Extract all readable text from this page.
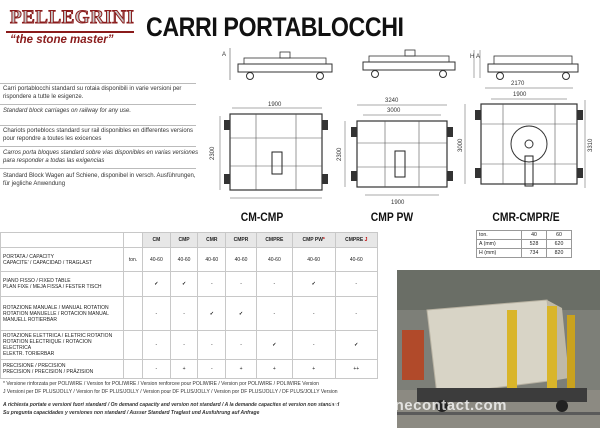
PELLEGRINI
“the stone master” CARRI PORTABLOCCHI
Carri portablocchi standard su rotaia disponibili in varie versioni per rispondere a tutte le esigenze.
Standard block carriages on railway for any use.
Chariots porteblocs standard sur rail disponibles en differentes versions pour repondre a toutes les exicences
Carros porta bloques standard sobre vias disponibles en varias versiones para responder a todas las exigencias
Standard Block Wagen auf Schiene, disponibel in versch. Ausführungen, für jegliche Anwendung
A
1900
2300
CM-CMP
3240
3000
2300
1900
CMP PW
H A
2170
1900
3000	3310
CMR-CMPR/E
ton.	40	60
A (mm)	528	620
H (mm)	734	820
		CM	CMP	CMR	CMPR	CMPRE	CMP PW*	CMPRE J
PORTATA / CAPACITY
CAPACITE’ / CAPACIDAD / TRAGLAST	ton.	40-60	40-60	40-60	40-60	40-60	40-60	40-60
PIANO FISSO / FIXED TABLE
PLAN FIXE / MEJA FISSA / FESTER TISCH		✓	✓	-	-	-	✓	-
ROTAZIONE MANUALE / MANUAL ROTATION
ROTATION MANUELLE / ROTACION MANUAL
MANUELL ROTIERBAR		-	-	✓	✓	-	-	-
ROTAZIONE ELETTRICA / ELETRIC ROTATION
ROTATION ELECTRIQUE / ROTACION ELECTRICA
ELEKTR. TORIERBAR		-	-	-	-	✓	-	✓
PRECISIONE / PRECISION
PRECISION / PRECISION / PRÄZISION		-	+	-	+	+	+	++
* Versione rinforzata per POLIWIRE / Version for POLIWIRE / Version renforcee pour POLIWIRE / Version por POLIWIRE / POLIWIRE Version
J Versioni per DF PLUS/JOLLY / Version for DF PLUS/JOLLY / Version pour DF PLUS/JOLLY / Version por DF PLUS/JOLLY / DF PLUS/JOLLY Version
A richiesta portate e versioni fuori standard / On demand capacity and version not standard / A la demande capacites et version non standard
Su pregunta capacidades y versiones non standard / Ausser Standard Traglast und Ausfuhrung auf Anfrage	www.stonecontact.com
